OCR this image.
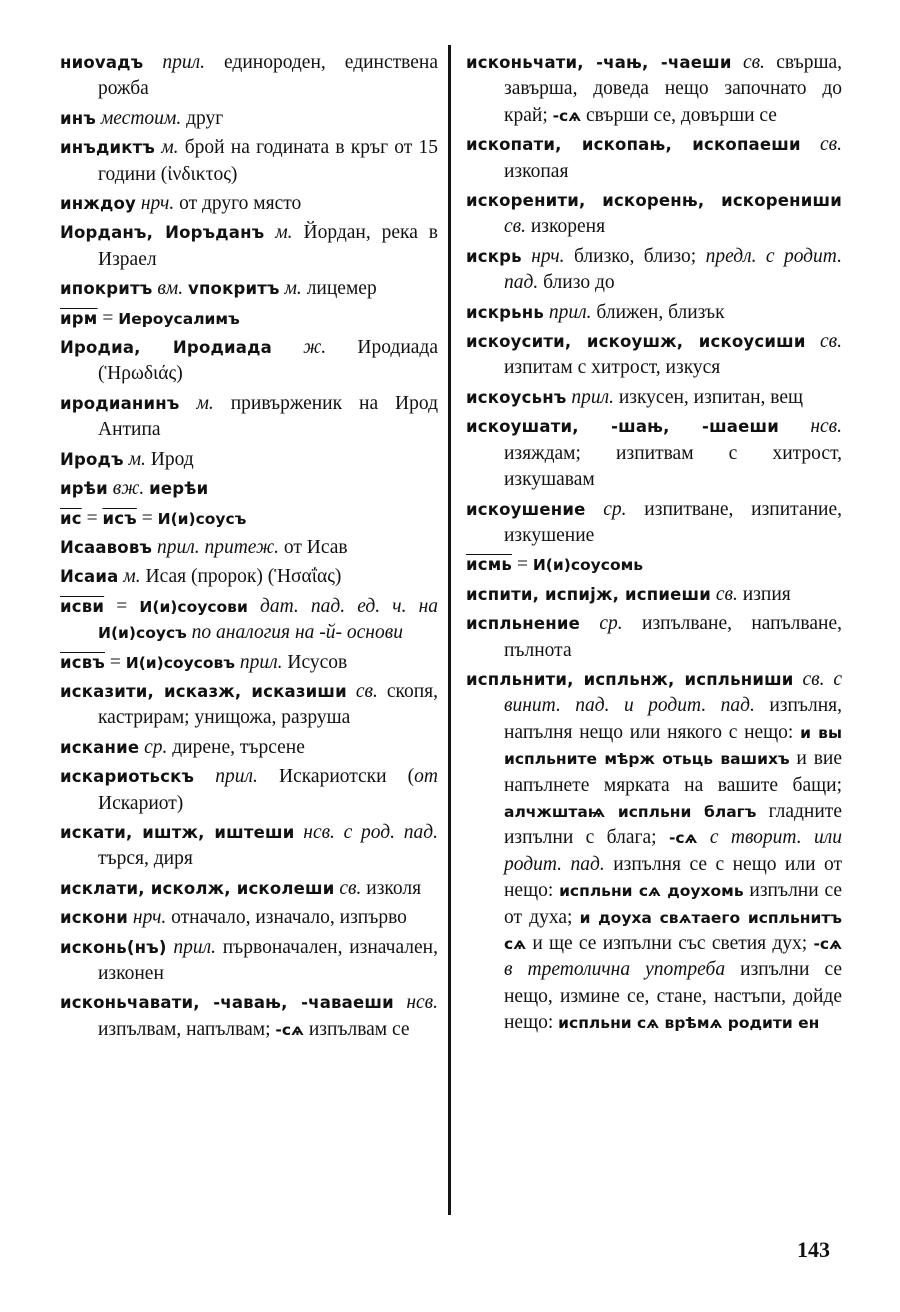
ниоvадъ прил. единороден, единствена рожба
инъ местоим. друг
инъдиктъ м. брой на годината в кръг от 15 години (ἰνδικτος)
инждоу нрч. от друго място
Иорданъ, Иоръданъ м. Йордан, река в Израел
ипокритъ вм. vпокритъ м. лицемер
ирм = Иероусалимъ
Иродиа, Иродиада ж. Иродиада (Ἡρωδιάς)
иродианинъ м. привърженик на Ирод Антипа
Иродъ м. Ирод
ирѣи вж. иерѣи
ис = исъ = И(и)соусъ
Исаавовъ прил. притеж. от Исав
Исаиа м. Исая (пророк) (Ἡσαΐας)
исви = И(и)соусови дат. пад. ед. ч. на И(и)соусъ по аналогия на -й- основи
исвъ = И(и)соусовъ прил. Исусов
исказити, исказж, исказиши св. скопя, кастрирам; унищожа, разруша
искание ср. дирене, търсене
искариотьскъ прил. Искариотски (от Искариот)
искати, иштж, иштеши нсв. с род. пад. търся, диря
исклати, исколж, исколеши св. изколя
искони нрч. отначало, изначало, изпърво
исконь(нъ) прил. първоначален, изначален, изконен
исконьчавати, -чавањ, -чаваеши нсв. изпълвам, напълвам; -сѧ изпълвам се
исконьчати, -чањ, -чаеши св. свърша, завърша, доведа нещо започнато до край; -сѧ свърши се, довърши се
ископати, ископањ, ископаеши св. изкопая
искоренити, искоренњ, искорениши св. изкореня
искрь нрч. близко, близо; предл. с родит. пад. близо до
искрьнь прил. ближен, близък
искоусити, искоушж, искоусиши св. изпитам с хитрост, изкуся
искоусьнъ прил. изкусен, изпитан, вещ
искоушати, -шањ, -шаеши нсв. изяждам; изпитвам с хитрост, изкушавам
искоушение ср. изпитване, изпитание, изкушение
исмь = И(и)соусомь
испити, испијж, испиеши св. изпия
испльнение ср. изпълване, напълване, пълнота
испльнити, испльнж, испльниши св. с винит. пад. и родит. пад. изпълня, напълня нещо или някого с нещо: и вы испльните мѣрж отьць вашихъ и вие напълнете мярката на вашите бащи; алчжштаѩ испльни благъ гладните изпълни с блага; -сѧ с творит. или родит. пад. изпълня се с нещо или от нещо: испльни сѧ доухомь изпълни се от духа; и доуха свѧтаего испльнитъ сѧ и ще се изпълни със светия дух; -сѧ в третолична употреба изпълни се нещо, измине се, стане, настъпи, дойде нещо: испльни сѧ врѣмѧ родити ен
143
